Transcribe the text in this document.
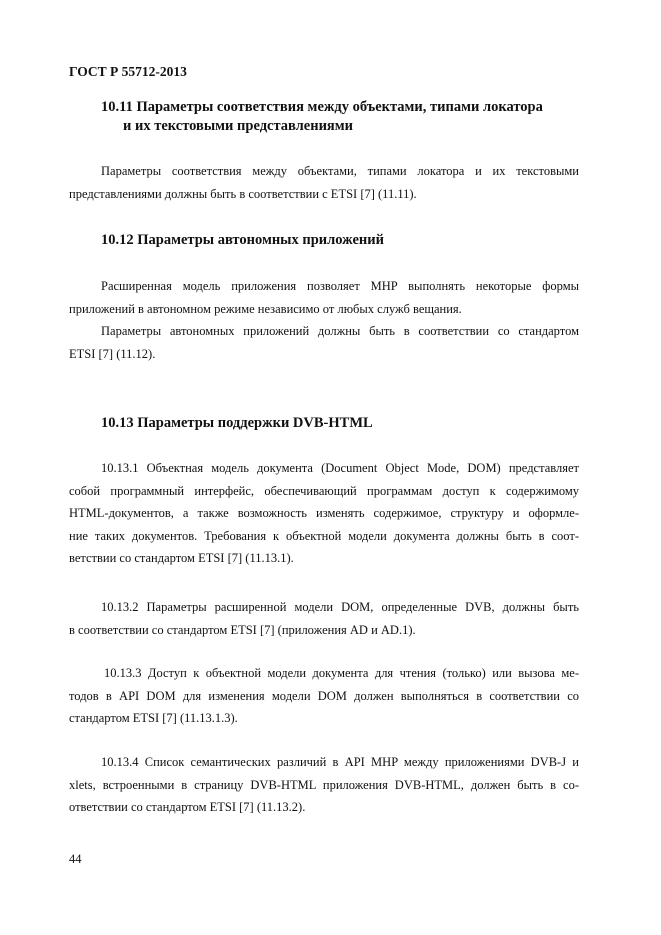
ГОСТ Р 55712-2013
10.11 Параметры соответствия между объектами, типами локатора
и их текстовыми представлениями
Параметры соответствия между объектами, типами локатора и их текстовыми
представлениями должны быть в соответствии с ETSI [7] (11.11).
10.12 Параметры автономных приложений
Расширенная модель приложения позволяет MHP выполнять некоторые формы
приложений в автономном режиме независимо от любых служб вещания.
Параметры автономных приложений должны быть в соответствии со стандартом
ETSI [7] (11.12).
10.13 Параметры поддержки DVB-HTML
10.13.1 Объектная модель документа (Document Object Mode, DOM) представляет
собой программный интерфейс, обеспечивающий программам доступ к содержимому
HTML-документов, а также возможность изменять содержимое, структуру и оформле-
ние таких документов. Требования к объектной модели документа должны быть в соот-
ветствии со стандартом ETSI [7] (11.13.1).
10.13.2 Параметры расширенной модели DOM, определенные DVB, должны быть
в соответствии со стандартом ETSI [7] (приложения AD и AD.1).
10.13.3 Доступ к объектной модели документа для чтения (только) или вызова ме-
тодов в API DOM для изменения модели DOM должен выполняться в соответствии со
стандартом ETSI [7] (11.13.1.3).
10.13.4 Список семантических различий в API MHP между приложениями DVB-J и
xlets, встроенными в страницу DVB-HTML приложения DVB-HTML, должен быть в со-
ответствии со стандартом ETSI [7] (11.13.2).
44
